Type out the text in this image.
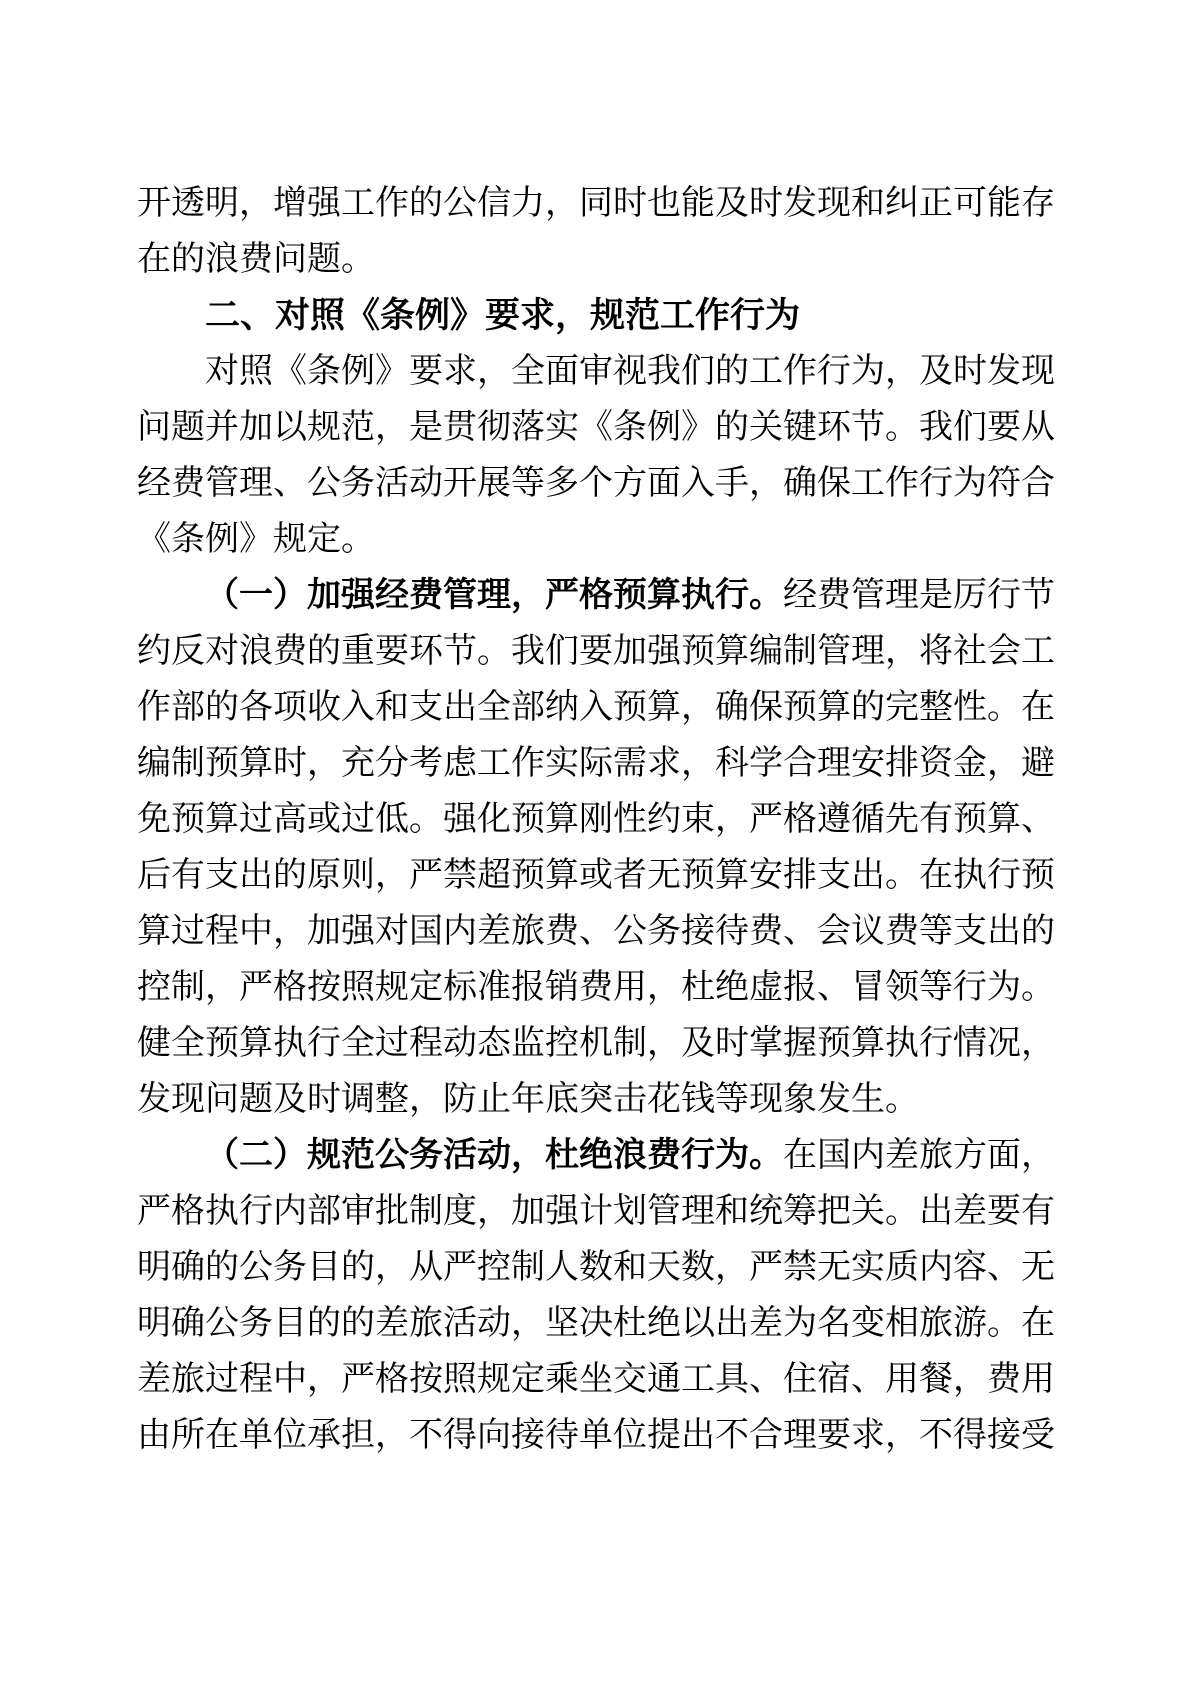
开透明，增强工作的公信力，同时也能及时发现和纠正可能存在的浪费问题。

二、对照《条例》要求，规范工作行为

对照《条例》要求，全面审视我们的工作行为，及时发现问题并加以规范，是贯彻落实《条例》的关键环节。我们要从经费管理、公务活动开展等多个方面入手，确保工作行为符合《条例》规定。

（一）加强经费管理，严格预算执行。经费管理是厉行节约反对浪费的重要环节。我们要加强预算编制管理，将社会工作部的各项收入和支出全部纳入预算，确保预算的完整性。在编制预算时，充分考虑工作实际需求，科学合理安排资金，避免预算过高或过低。强化预算刚性约束，严格遵循先有预算、后有支出的原则，严禁超预算或者无预算安排支出。在执行预算过程中，加强对国内差旅费、公务接待费、会议费等支出的控制，严格按照规定标准报销费用，杜绝虚报、冒领等行为。健全预算执行全过程动态监控机制，及时掌握预算执行情况，发现问题及时调整，防止年底突击花钱等现象发生。

（二）规范公务活动，杜绝浪费行为。在国内差旅方面，严格执行内部审批制度，加强计划管理和统筹把关。出差要有明确的公务目的，从严控制人数和天数，严禁无实质内容、无明确公务目的的差旅活动，坚决杜绝以出差为名变相旅游。在差旅过程中，严格按照规定乘坐交通工具、住宿、用餐，费用由所在单位承担，不得向接待单位提出不合理要求，不得接受
